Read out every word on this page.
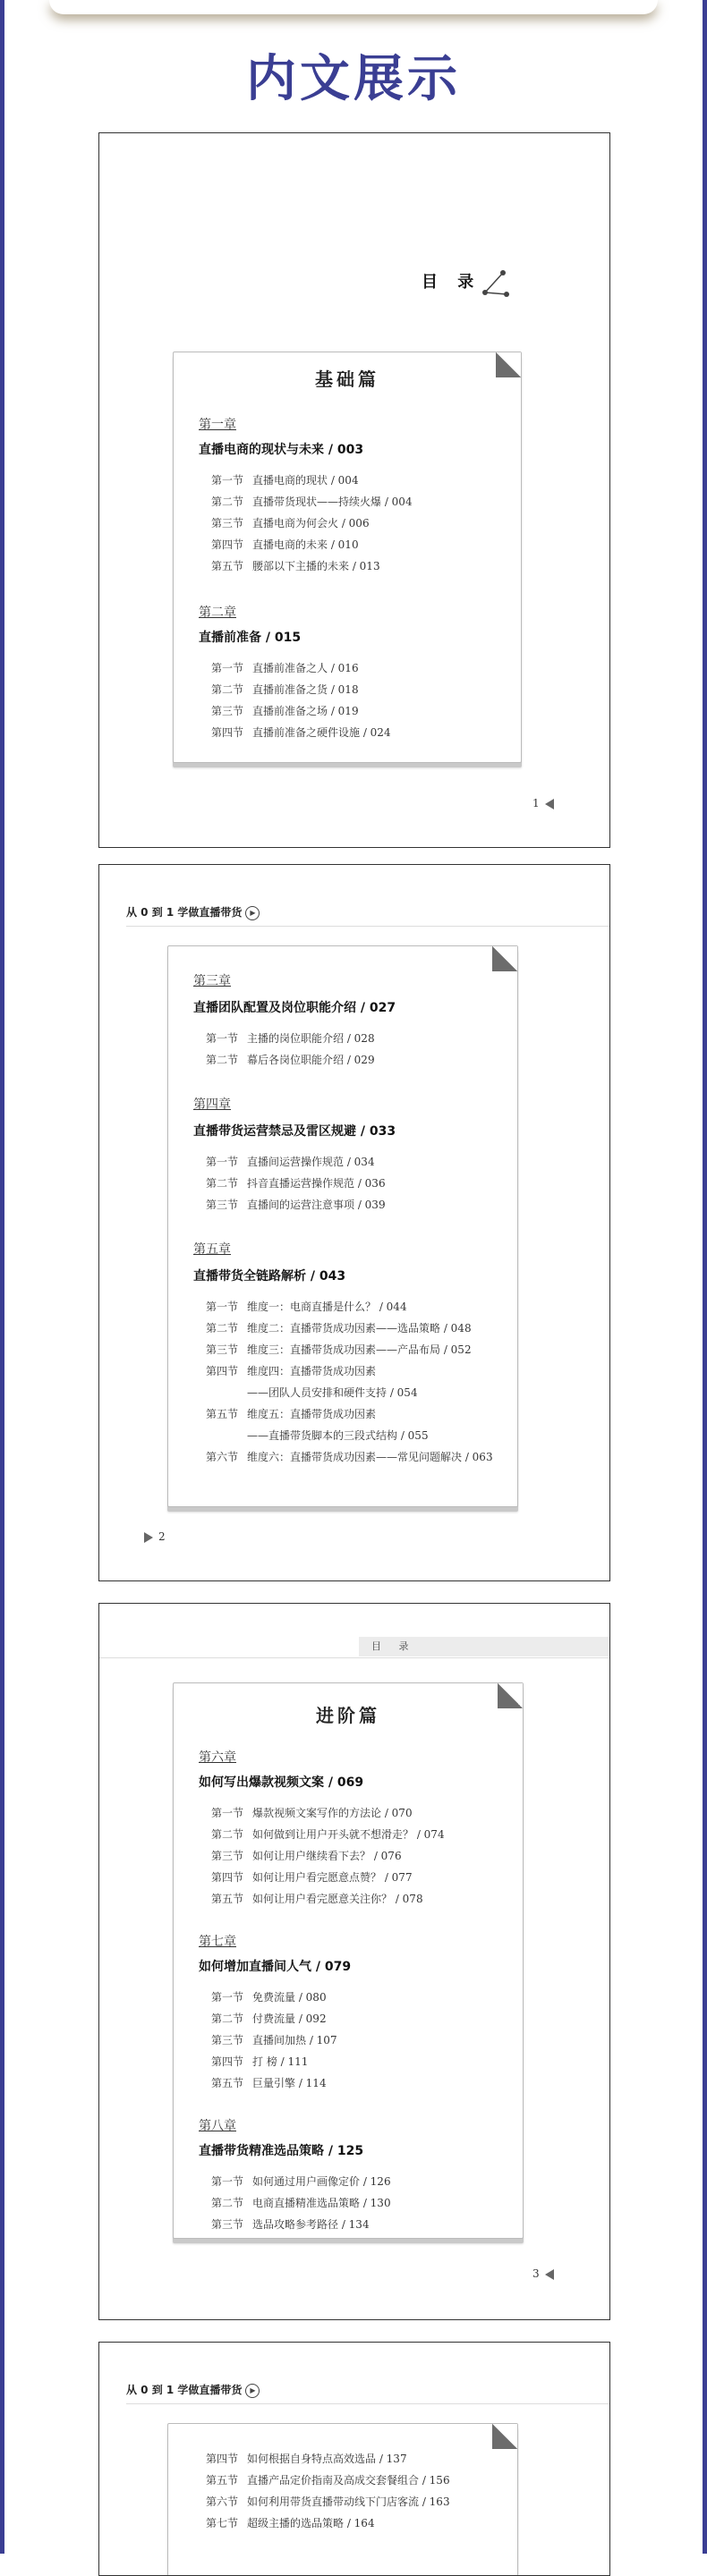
内文展示
目 录
基础篇
第一章
直播电商的现状与未来 / 003
第一节 直播电商的现状 / 004
第二节 直播带货现状——持续火爆 / 004
第三节 直播电商为何会火 / 006
第四节 直播电商的未来 / 010
第五节 腰部以下主播的未来 / 013
第二章
直播前准备 / 015
第一节 直播前准备之人 / 016
第二节 直播前准备之货 / 018
第三节 直播前准备之场 / 019
第四节 直播前准备之硬件设施 / 024
1
从 0 到 1 学做直播带货 ▶
第三章
直播团队配置及岗位职能介绍 / 027
第一节 主播的岗位职能介绍 / 028
第二节 幕后各岗位职能介绍 / 029
第四章
直播带货运营禁忌及雷区规避 / 033
第一节 直播间运营操作规范 / 034
第二节 抖音直播运营操作规范 / 036
第三节 直播间的运营注意事项 / 039
第五章
直播带货全链路解析 / 043
第一节 维度一：电商直播是什么？ / 044
第二节 维度二：直播带货成功因素——选品策略 / 048
第三节 维度三：直播带货成功因素——产品布局 / 052
第四节 维度四：直播带货成功因素
——团队人员安排和硬件支持 / 054
第五节 维度五：直播带货成功因素
——直播带货脚本的三段式结构 / 055
第六节 维度六：直播带货成功因素——常见问题解决 / 063
2
目 录
进阶篇
第六章
如何写出爆款视频文案 / 069
第一节 爆款视频文案写作的方法论 / 070
第二节 如何做到让用户开头就不想滑走？ / 074
第三节 如何让用户继续看下去？ / 076
第四节 如何让用户看完愿意点赞？ / 077
第五节 如何让用户看完愿意关注你？ / 078
第七章
如何增加直播间人气 / 079
第一节 免费流量 / 080
第二节 付费流量 / 092
第三节 直播间加热 / 107
第四节 打 榜 / 111
第五节 巨量引擎 / 114
第八章
直播带货精准选品策略 / 125
第一节 如何通过用户画像定价 / 126
第二节 电商直播精准选品策略 / 130
第三节 选品攻略参考路径 / 134
3
从 0 到 1 学做直播带货 ▶
第四节 如何根据自身特点高效选品 / 137
第五节 直播产品定价指南及高成交套餐组合 / 156
第六节 如何利用带货直播带动线下门店客流 / 163
第七节 超级主播的选品策略 / 164
